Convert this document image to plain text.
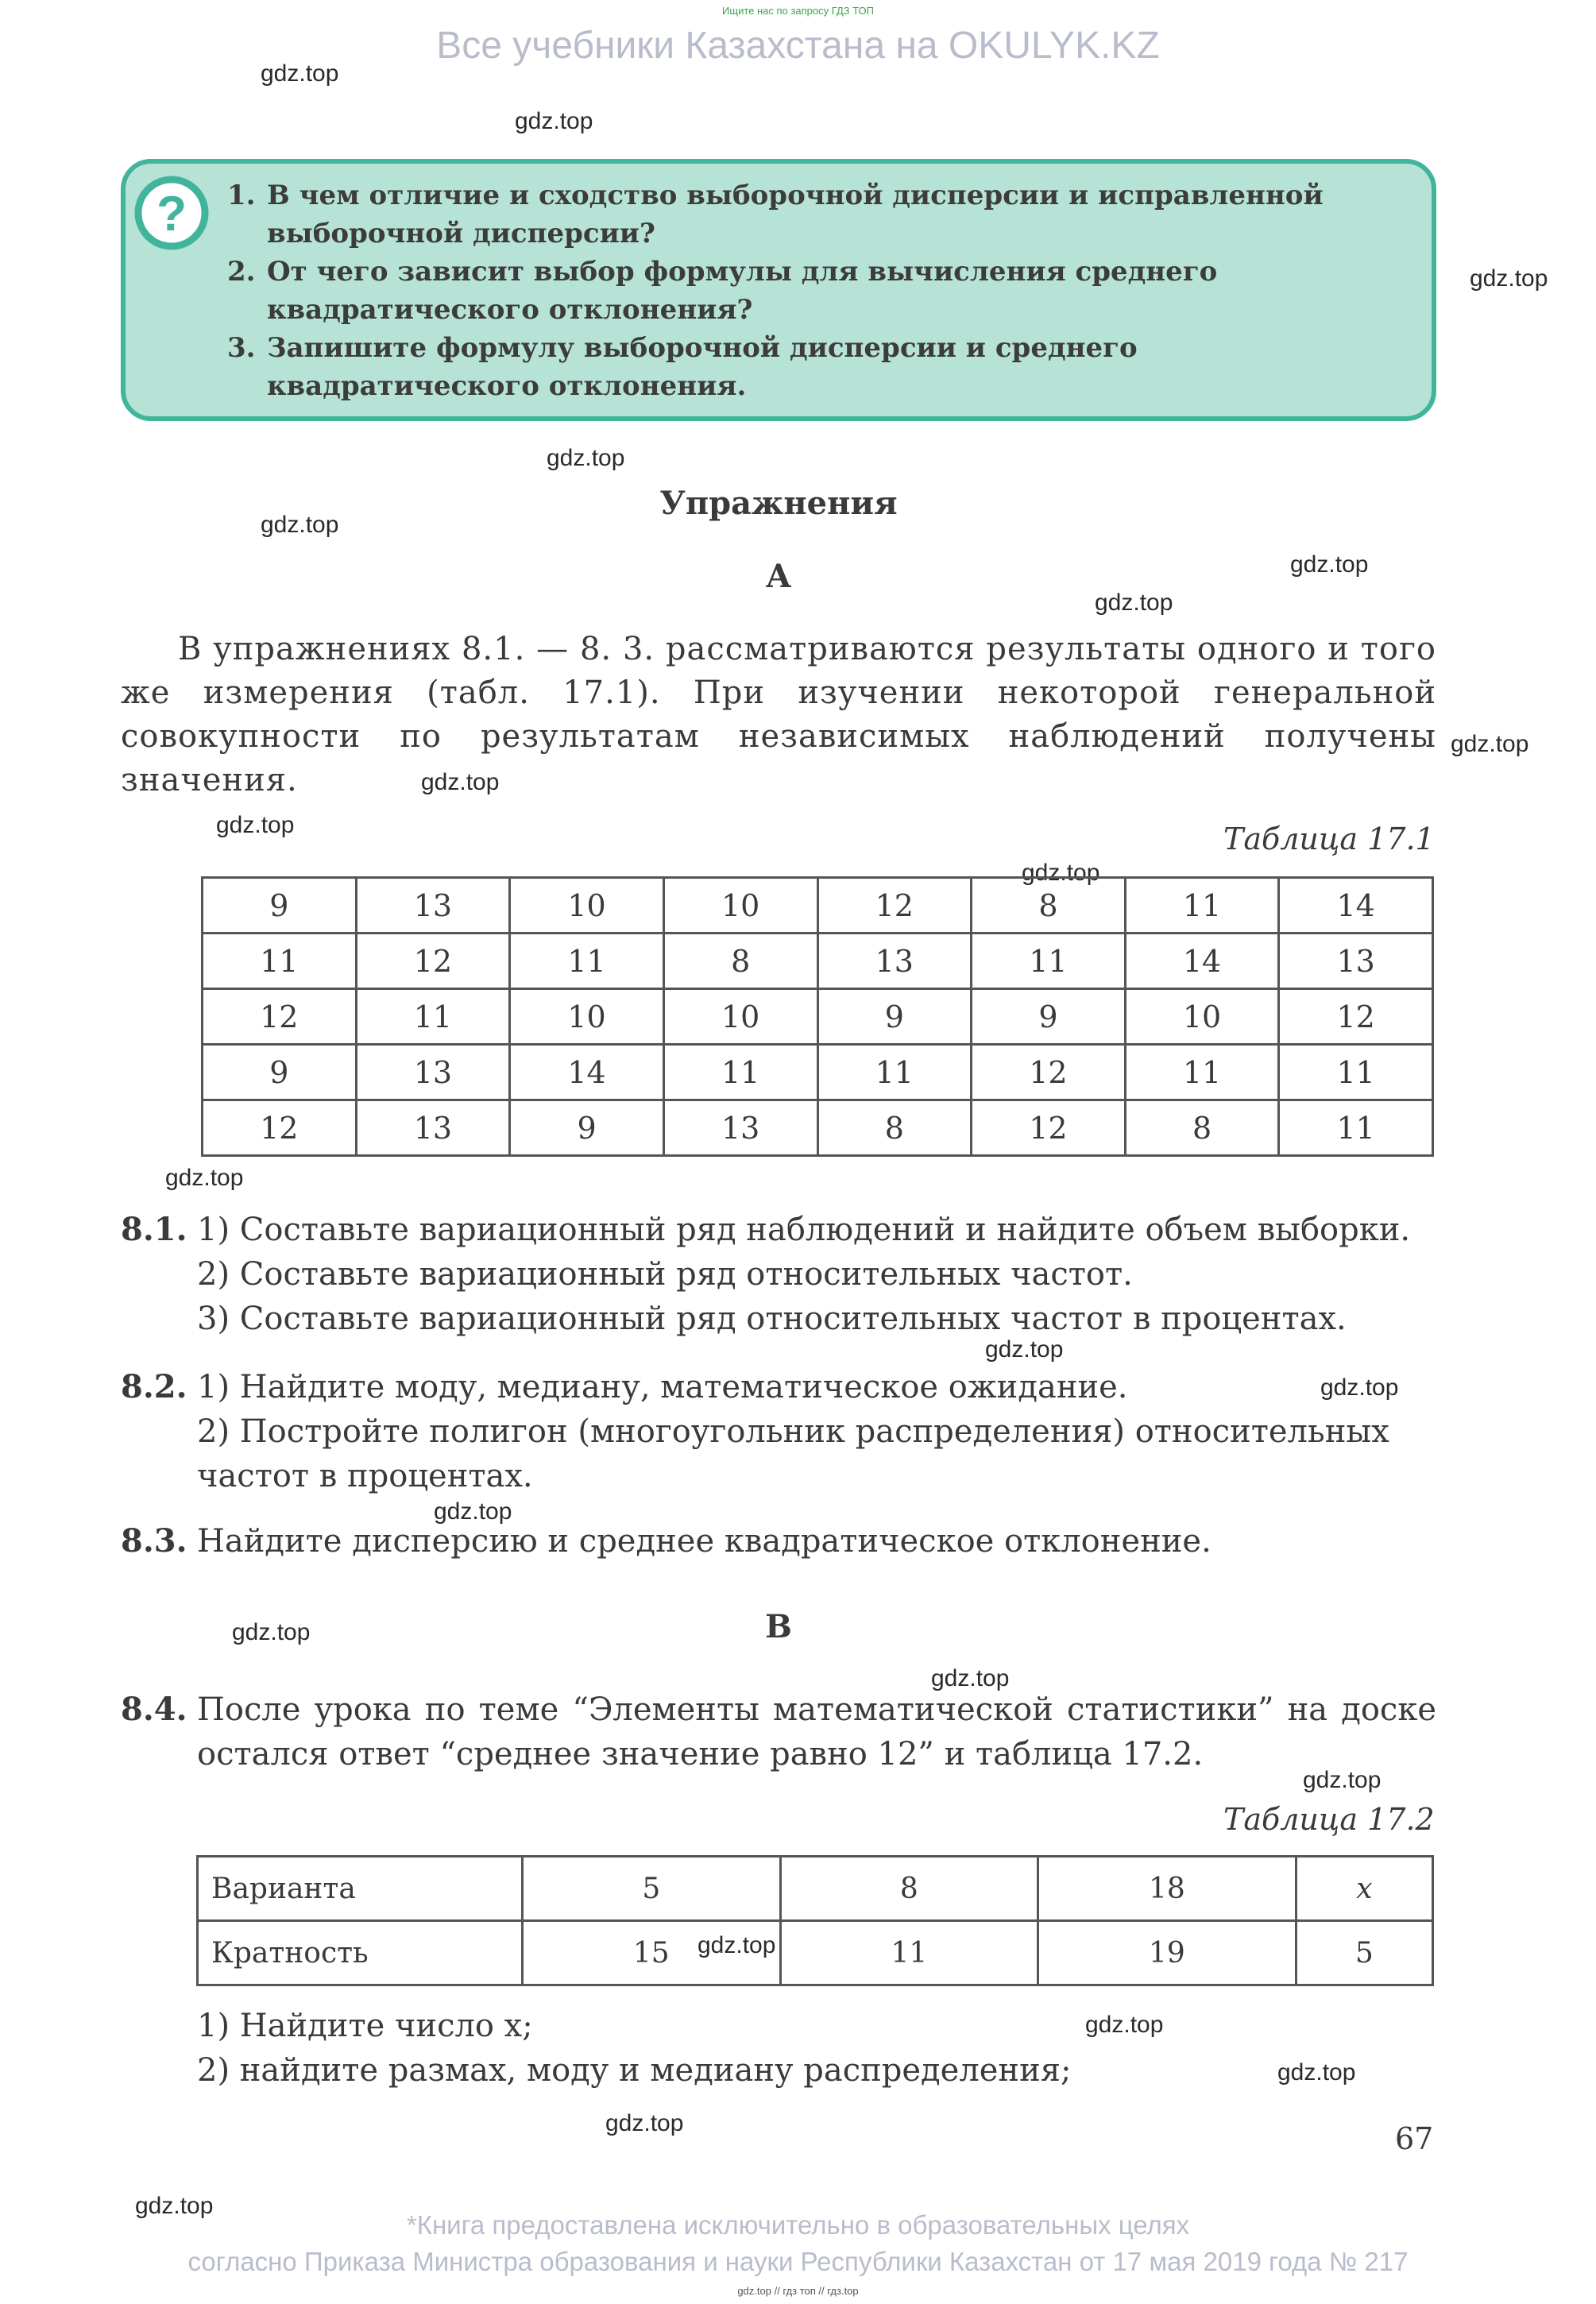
Ищите нас по запросу ГДЗ ТОП
Все учебники Казахстана на OKULYK.KZ
gdz.top
gdz.top
gdz.top
gdz.top
gdz.top
gdz.top
gdz.top
gdz.top
gdz.top
gdz.top
gdz.top
gdz.top
gdz.top
gdz.top
gdz.top
gdz.top
gdz.top
gdz.top
gdz.top
gdz.top
gdz.top
gdz.top
gdz.top
? 1. В чем отличие и сходство выборочной дисперсии и исправленной выборочной дисперсии?
2. От чего зависит выбор формулы для вычисления среднего квадратического отклонения?
3. Запишите формулу выборочной дисперсии и среднего квадратического отклонения.
Упражнения
А
В упражнениях 8.1. — 8. 3. рассматриваются результаты одного и того же измерения (табл. 17.1). При изучении некоторой генеральной совокупности по результатам независимых наблюдений получены значения.
Таблица 17.1
9	13	10	10	12	8	11	14
11	12	11	8	13	11	14	13
12	11	10	10	9	9	10	12
9	13	14	11	11	12	11	11
12	13	9	13	8	12	8	11
8.1. 1) Составьте вариационный ряд наблюдений и найдите объем выборки.
2) Составьте вариационный ряд относительных частот.
3) Составьте вариационный ряд относительных частот в процентах.
8.2. 1) Найдите моду, медиану, математическое ожидание.
2) Постройте полигон (многоугольник распределения) относительных частот в процентах.
8.3. Найдите дисперсию и среднее квадратическое отклонение.
B
8.4. После урока по теме “Элементы математической статистики” на доске остался ответ “среднее значение равно 12” и таблица 17.2.
Таблица 17.2
Варианта	5	8	18	x
Кратность	15	11	19	5
1) Найдите число x;
2) найдите размах, моду и медиану распределения;
67
*Книга предоставлена исключительно в образовательных целях
согласно Приказа Министра образования и науки Республики Казахстан от 17 мая 2019 года № 217
gdz.top // гдз топ // гдз.top
